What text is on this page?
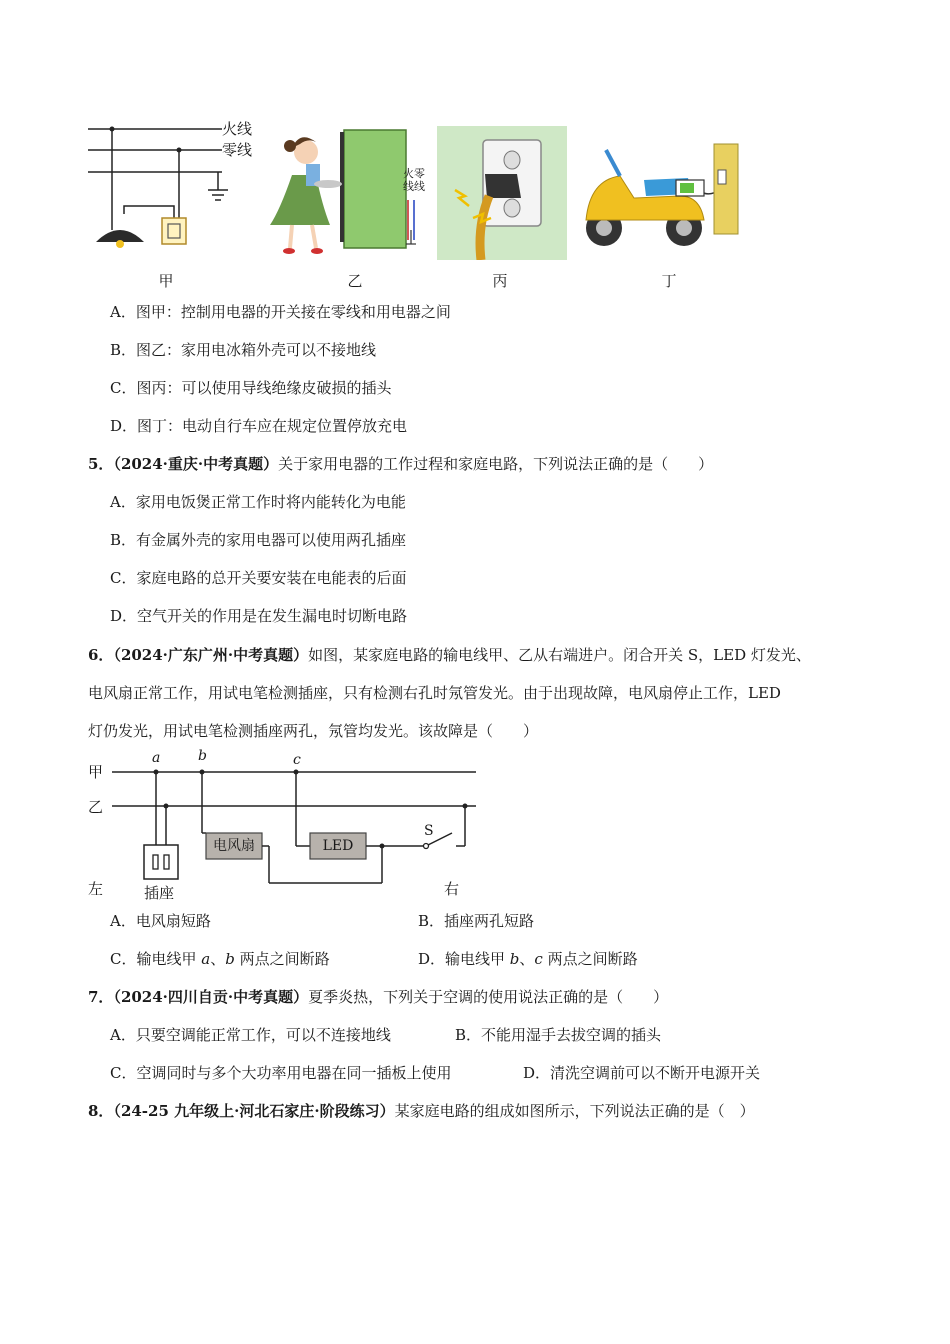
火线
零线
火零
线线
甲	乙	丙	丁
A．图甲：控制用电器的开关接在零线和用电器之间
B．图乙：家用电冰箱外壳可以不接地线
C．图丙：可以使用导线绝缘皮破损的插头
D．图丁：电动自行车应在规定位置停放充电
5．（2024·重庆·中考真题）关于家用电器的工作过程和家庭电路，下列说法正确的是（　　）
A．家用电饭煲正常工作时将内能转化为电能
B．有金属外壳的家用电器可以使用两孔插座
C．家庭电路的总开关要安装在电能表的后面
D．空气开关的作用是在发生漏电时切断电路
6．（2024·广东广州·中考真题）如图，某家庭电路的输电线甲、乙从右端进户。闭合开关 S，LED 灯发光、
电风扇正常工作，用试电笔检测插座，只有检测右孔时氖管发光。由于出现故障，电风扇停止工作，LED
灯仍发光，用试电笔检测插座两孔，氖管均发光。该故障是（　　）
甲
乙
a	b	c
电风扇	LED
S
插座
左	右
A．电风扇短路	B．插座两孔短路
C．输电线甲 a、b 两点之间断路	D．输电线甲 b、c 两点之间断路
7．（2024·四川自贡·中考真题）夏季炎热，下列关于空调的使用说法正确的是（　　）
A．只要空调能正常工作，可以不连接地线	B．不能用湿手去拔空调的插头
C．空调同时与多个大功率用电器在同一插板上使用	D．清洗空调前可以不断开电源开关
8．（24-25 九年级上·河北石家庄·阶段练习）某家庭电路的组成如图所示，下列说法正确的是（　）
